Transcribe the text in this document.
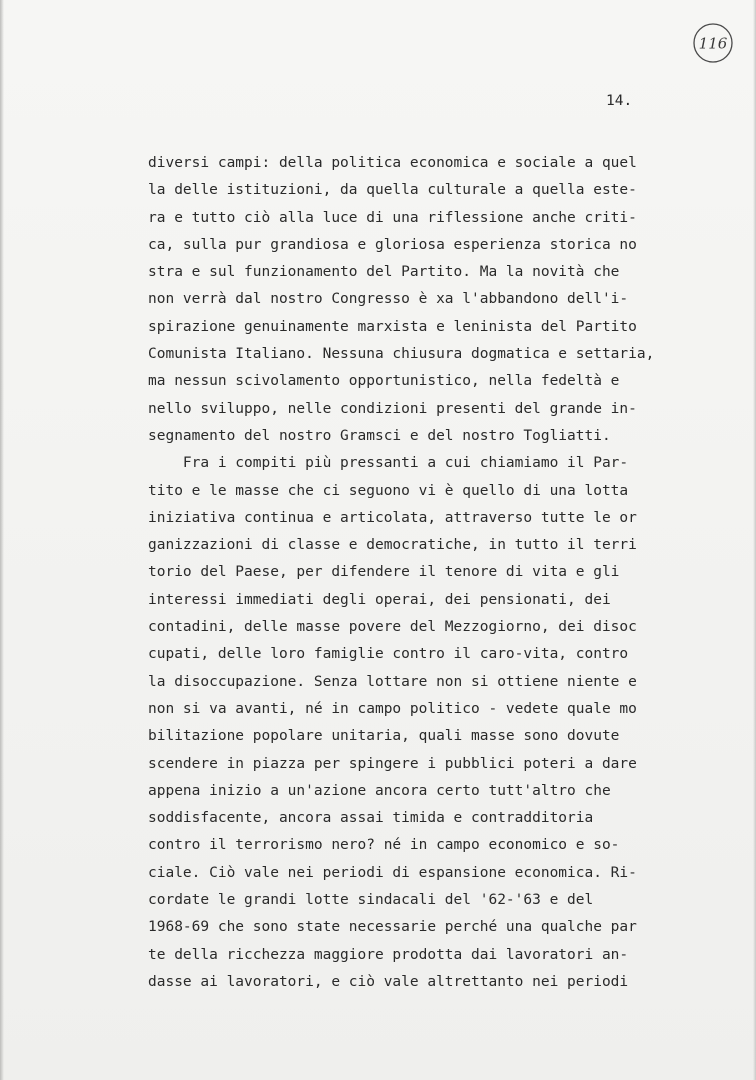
116
14.
diversi campi: della politica economica e sociale a quel
la delle istituzioni, da quella culturale a quella este-
ra e tutto ciò alla luce di una riflessione anche criti-
ca, sulla pur grandiosa e gloriosa esperienza storica no
stra e sul funzionamento del Partito. Ma la novità che
non verrà dal nostro Congresso è xa l'abbandono dell'i-
spirazione genuinamente marxista e leninista del Partito
Comunista Italiano. Nessuna chiusura dogmatica e settaria,
ma nessun scivolamento opportunistico, nella fedeltà e
nello sviluppo, nelle condizioni presenti del grande in-
segnamento del nostro Gramsci e del nostro Togliatti.
Fra i compiti più pressanti a cui chiamiamo il Par-
tito e le masse che ci seguono vi è quello di una lotta
iniziativa continua e articolata, attraverso tutte le or
ganizzazioni di classe e democratiche, in tutto il terri
torio del Paese, per difendere il tenore di vita e gli
interessi immediati degli operai, dei pensionati, dei
contadini, delle masse povere del Mezzogiorno, dei disoc
cupati, delle loro famiglie contro il caro-vita, contro
la disoccupazione. Senza lottare non si ottiene niente e
non si va avanti, né in campo politico - vedete quale mo
bilitazione popolare unitaria, quali masse sono dovute
scendere in piazza per spingere i pubblici poteri a dare
appena inizio a un'azione ancora certo tutt'altro che
soddisfacente, ancora assai timida e contradditoria
contro il terrorismo nero? né in campo economico e so-
ciale. Ciò vale nei periodi di espansione economica. Ri-
cordate le grandi lotte sindacali del '62-'63 e del
1968-69 che sono state necessarie perché una qualche par
te della ricchezza maggiore prodotta dai lavoratori an-
dasse ai lavoratori, e ciò vale altrettanto nei periodi
